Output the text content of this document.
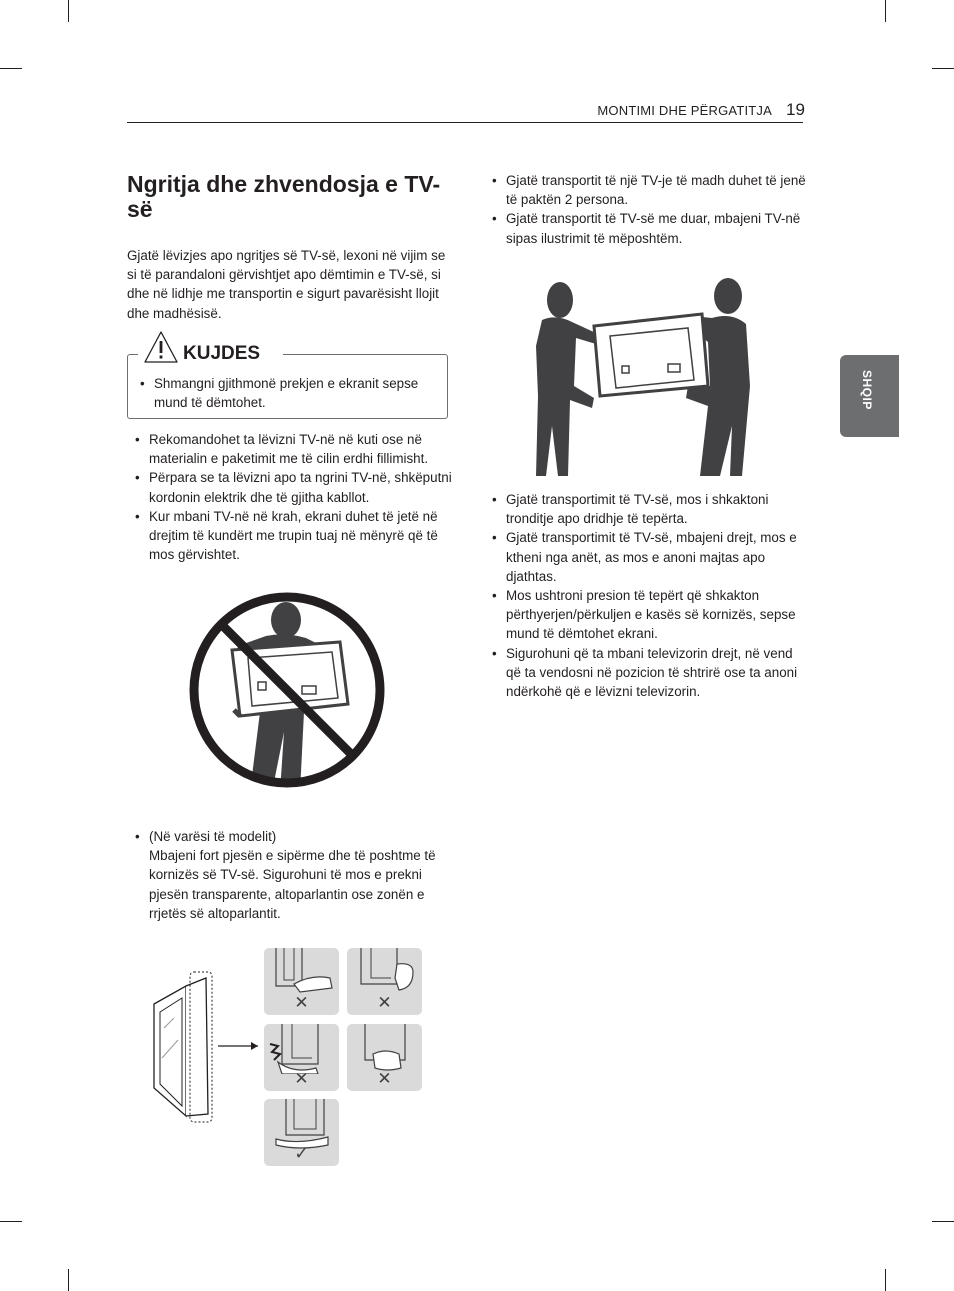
MONTIMI DHE PËRGATITJA 19
SHQIP
Ngritja dhe zhvendosja e TV-së

Gjatë lëvizjes apo ngritjes së TV-së, lexoni në vijim se si të parandaloni gërvishtjet apo dëmtimin e TV-së, si dhe në lidhje me transportin e sigurt pavarësisht llojit dhe madhësisë.

KUJDES
• Shmangni gjithmonë prekjen e ekranit sepse mund të dëmtohet.
• Rekomandohet ta lëvizni TV-në në kuti ose në materialin e paketimit me të cilin erdhi fillimisht.
• Përpara se ta lëvizni apo ta ngrini TV-në, shkëputni kordonin elektrik dhe të gjitha kabllot.
• Kur mbani TV-në në krah, ekrani duhet të jetë në drejtim të kundërt me trupin tuaj në mënyrë që të mos gërvishtet.
• (Në varësi të modelit)
Mbajeni fort pjesën e sipërme dhe të poshtme të kornizës së TV-së. Sigurohuni të mos e prekni pjesën transparente, altoparlantin ose zonën e rrjetës së altoparlantit.
✕	✕
✕	✕
✓
• Gjatë transportit të një TV-je të madh duhet të jenë të paktën 2 persona.
• Gjatë transportit të TV-së me duar, mbajeni TV-në sipas ilustrimit të mëposhtëm.
• Gjatë transportimit të TV-së, mos i shkaktoni tronditje apo dridhje të tepërta.
• Gjatë transportimit të TV-së, mbajeni drejt, mos e ktheni nga anët, as mos e anoni majtas apo djathtas.
• Mos ushtroni presion të tepërt që shkakton përthyerjen/përkuljen e kasës së kornizës, sepse mund të dëmtohet ekrani.
• Sigurohuni që ta mbani televizorin drejt, në vend që ta vendosni në pozicion të shtrirë ose ta anoni ndërkohë që e lëvizni televizorin.
